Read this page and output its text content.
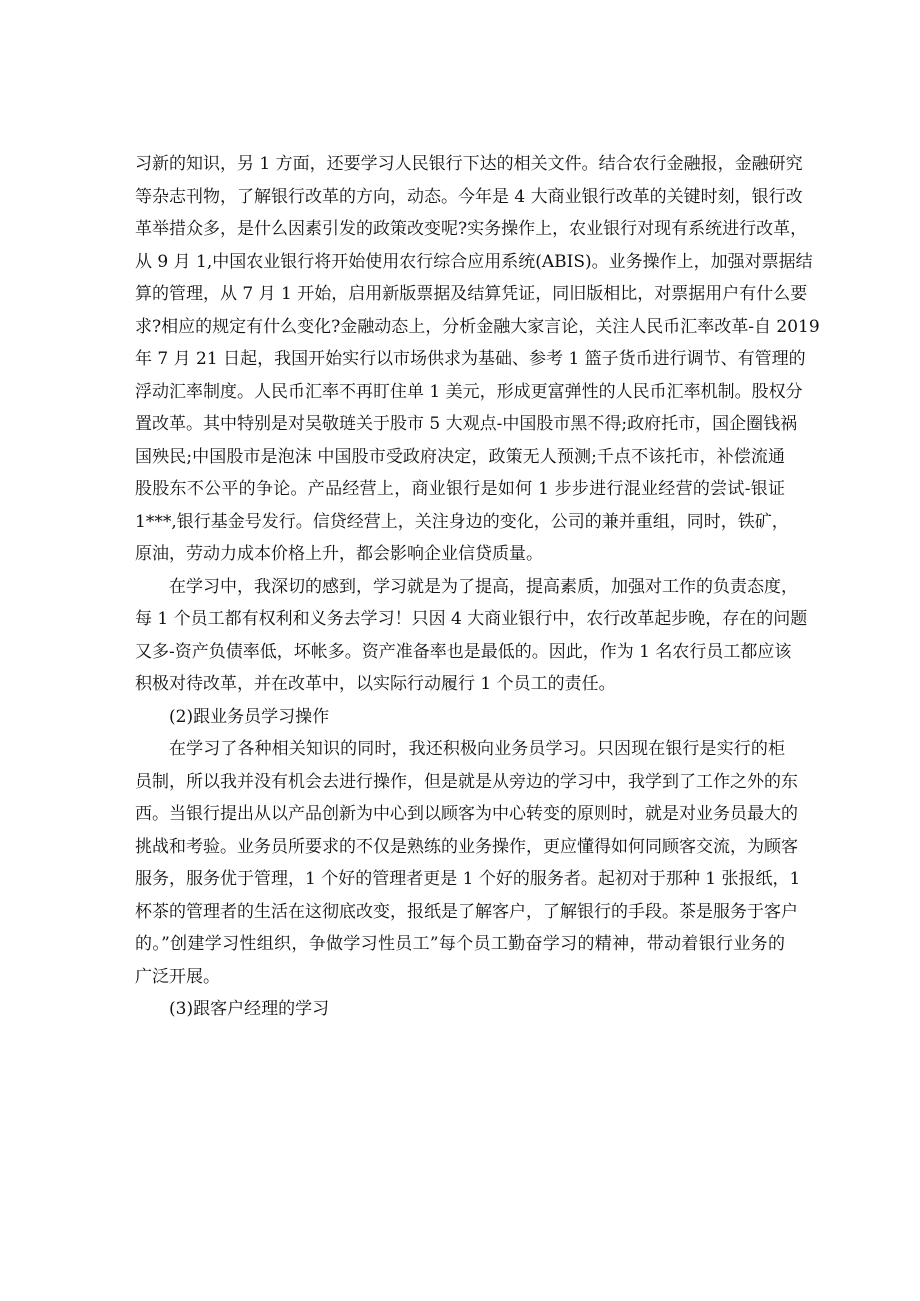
习新的知识，另 1 方面，还要学习人民银行下达的相关文件。结合农行金融报，金融研究
等杂志刊物，了解银行改革的方向，动态。今年是 4 大商业银行改革的关键时刻，银行改
革举措众多，是什么因素引发的政策改变呢?实务操作上，农业银行对现有系统进行改革，
从 9 月 1,中国农业银行将开始使用农行综合应用系统(ABIS)。业务操作上，加强对票据结
算的管理，从 7 月 1 开始，启用新版票据及结算凭证，同旧版相比，对票据用户有什么要
求?相应的规定有什么变化?金融动态上，分析金融大家言论，关注人民币汇率改革-自 2019
年 7 月 21 日起，我国开始实行以市场供求为基础、参考 1 篮子货币进行调节、有管理的
浮动汇率制度。人民币汇率不再盯住单 1 美元，形成更富弹性的人民币汇率机制。股权分
置改革。其中特别是对吴敬琏关于股市 5 大观点-中国股市黑不得;政府托市，国企圈钱祸
国殃民;中国股市是泡沫 中国股市受政府决定，政策无人预测;千点不该托市，补偿流通
股股东不公平的争论。产品经营上，商业银行是如何 1 步步进行混业经营的尝试-银证
1***,银行基金号发行。信贷经营上，关注身边的变化，公司的兼并重组，同时，铁矿，
原油，劳动力成本价格上升，都会影响企业信贷质量。
在学习中，我深切的感到，学习就是为了提高，提高素质，加强对工作的负责态度，
每 1 个员工都有权利和义务去学习！只因 4 大商业银行中，农行改革起步晚，存在的问题
又多-资产负债率低，坏帐多。资产准备率也是最低的。因此，作为 1 名农行员工都应该
积极对待改革，并在改革中，以实际行动履行 1 个员工的责任。
(2)跟业务员学习操作
在学习了各种相关知识的同时，我还积极向业务员学习。只因现在银行是实行的柜
员制，所以我并没有机会去进行操作，但是就是从旁边的学习中，我学到了工作之外的东
西。当银行提出从以产品创新为中心到以顾客为中心转变的原则时，就是对业务员最大的
挑战和考验。业务员所要求的不仅是熟练的业务操作，更应懂得如何同顾客交流，为顾客
服务，服务优于管理，1 个好的管理者更是 1 个好的服务者。起初对于那种 1 张报纸，1
杯茶的管理者的生活在这彻底改变，报纸是了解客户，了解银行的手段。茶是服务于客户
的。”创建学习性组织，争做学习性员工”每个员工勤奋学习的精神，带动着银行业务的
广泛开展。
(3)跟客户经理的学习
